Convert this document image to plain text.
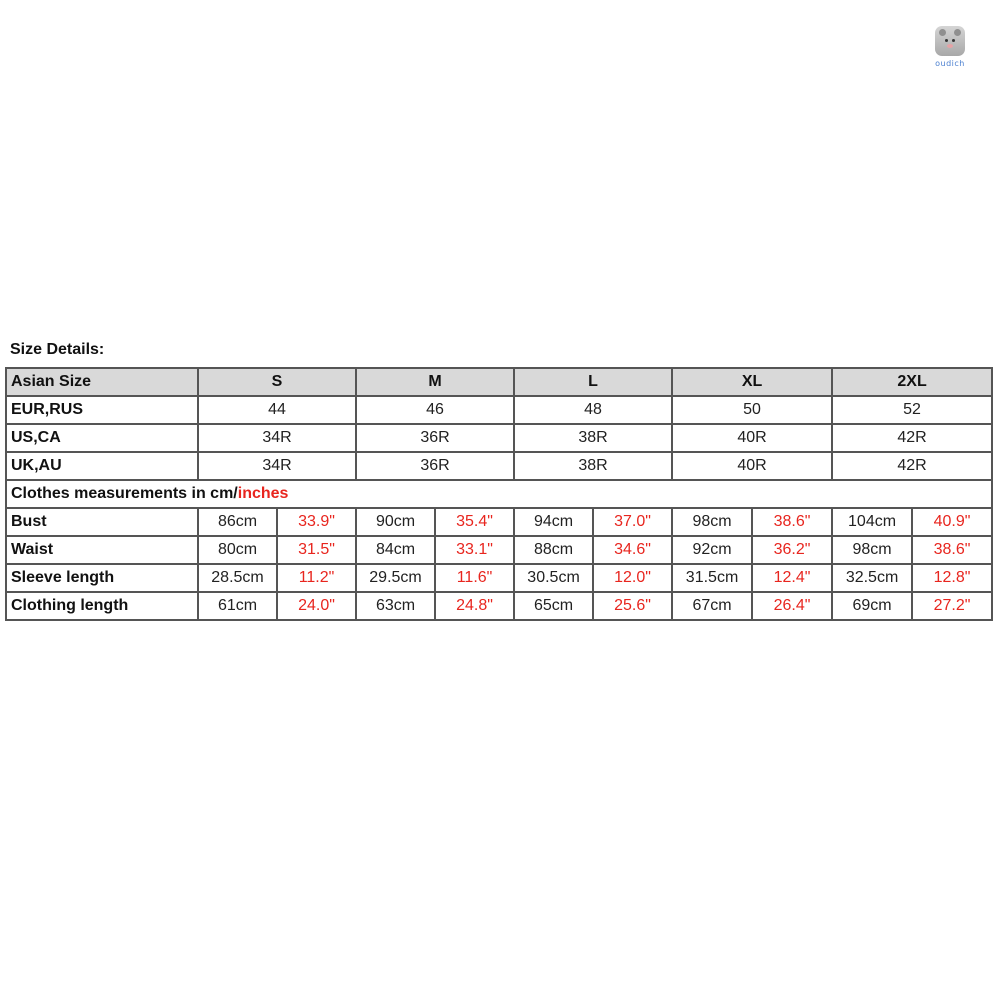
oudich
Size Details:
Asian Size	S		M		L		XL		2XL	
EUR,RUS	44		46		48		50		52	
US,CA	34R		36R		38R		40R		42R	
UK,AU	34R		36R		38R		40R		42R	
Clothes measurements in cm/inches										
Bust	86cm	33.9"	90cm	35.4"	94cm	37.0"	98cm	38.6"	104cm	40.9"
Waist	80cm	31.5"	84cm	33.1"	88cm	34.6"	92cm	36.2"	98cm	38.6"
Sleeve length	28.5cm	11.2"	29.5cm	11.6"	30.5cm	12.0"	31.5cm	12.4"	32.5cm	12.8"
Clothing length	61cm	24.0"	63cm	24.8"	65cm	25.6"	67cm	26.4"	69cm	27.2"
